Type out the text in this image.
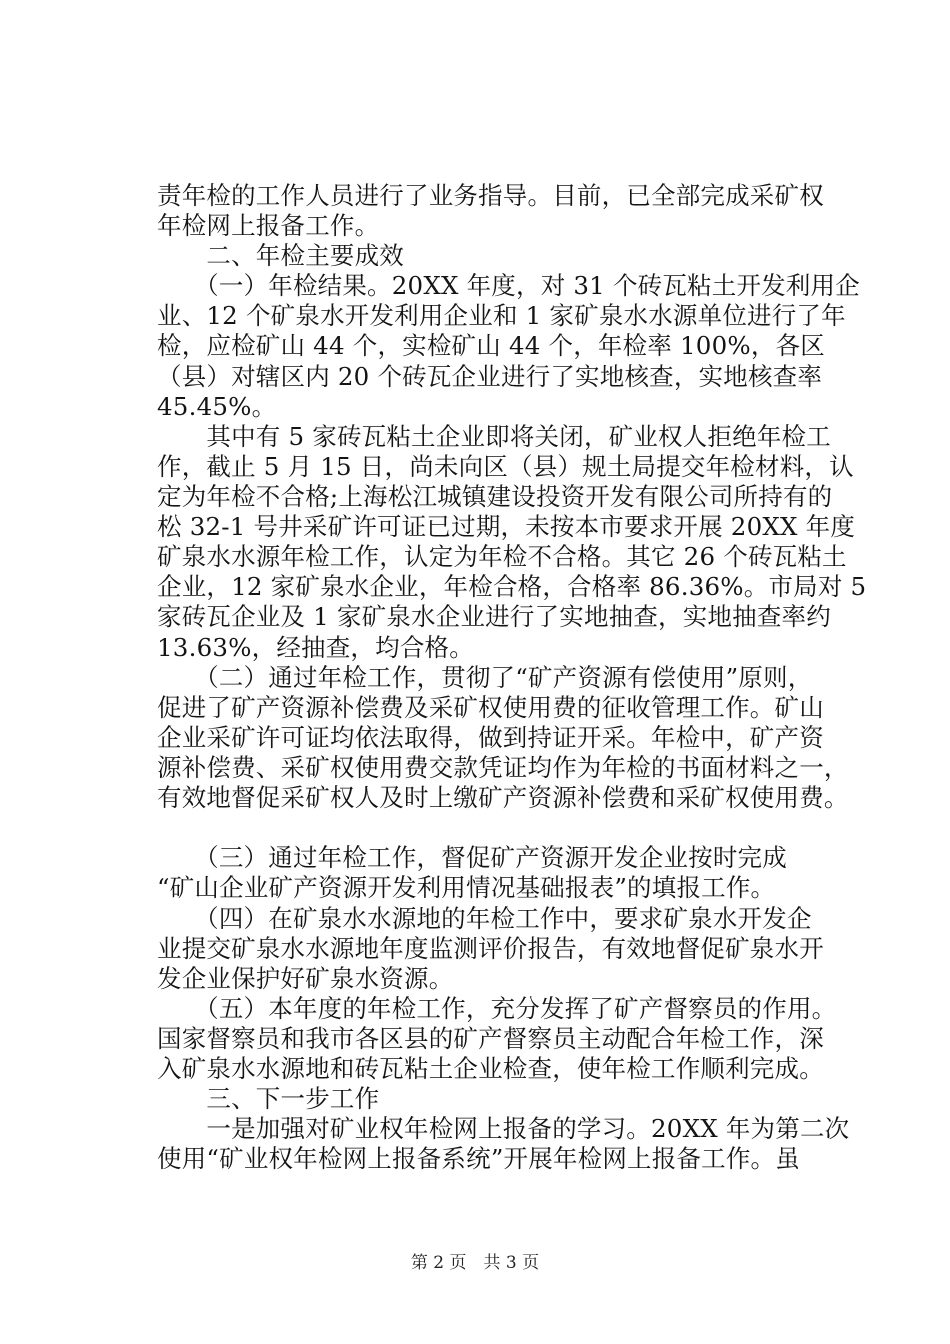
责年检的工作人员进行了业务指导。目前，已全部完成采矿权
年检网上报备工作。
　　二、年检主要成效
　　（一）年检结果。20XX 年度，对 31 个砖瓦粘土开发利用企
业、12 个矿泉水开发利用企业和 1 家矿泉水水源单位进行了年
检，应检矿山 44 个，实检矿山 44 个，年检率 100%，各区
（县）对辖区内 20 个砖瓦企业进行了实地核查，实地核查率
45.45%。
　　其中有 5 家砖瓦粘土企业即将关闭，矿业权人拒绝年检工
作，截止 5 月 15 日，尚未向区（县）规土局提交年检材料，认
定为年检不合格;上海松江城镇建设投资开发有限公司所持有的
松 32-1 号井采矿许可证已过期，未按本市要求开展 20XX 年度
矿泉水水源年检工作，认定为年检不合格。其它 26 个砖瓦粘土
企业，12 家矿泉水企业，年检合格，合格率 86.36%。市局对 5
家砖瓦企业及 1 家矿泉水企业进行了实地抽查，实地抽查率约
13.63%，经抽查，均合格。
　　（二）通过年检工作，贯彻了“矿产资源有偿使用”原则，
促进了矿产资源补偿费及采矿权使用费的征收管理工作。矿山
企业采矿许可证均依法取得，做到持证开采。年检中，矿产资
源补偿费、采矿权使用费交款凭证均作为年检的书面材料之一，
有效地督促采矿权人及时上缴矿产资源补偿费和采矿权使用费。
　　（三）通过年检工作，督促矿产资源开发企业按时完成
“矿山企业矿产资源开发利用情况基础报表”的填报工作。
　　（四）在矿泉水水源地的年检工作中，要求矿泉水开发企
业提交矿泉水水源地年度监测评价报告，有效地督促矿泉水开
发企业保护好矿泉水资源。
　　（五）本年度的年检工作，充分发挥了矿产督察员的作用。
国家督察员和我市各区县的矿产督察员主动配合年检工作，深
入矿泉水水源地和砖瓦粘土企业检查，使年检工作顺利完成。
　　三、下一步工作
　　一是加强对矿业权年检网上报备的学习。20XX 年为第二次
使用“矿业权年检网上报备系统”开展年检网上报备工作。虽
第 2 页　共 3 页
